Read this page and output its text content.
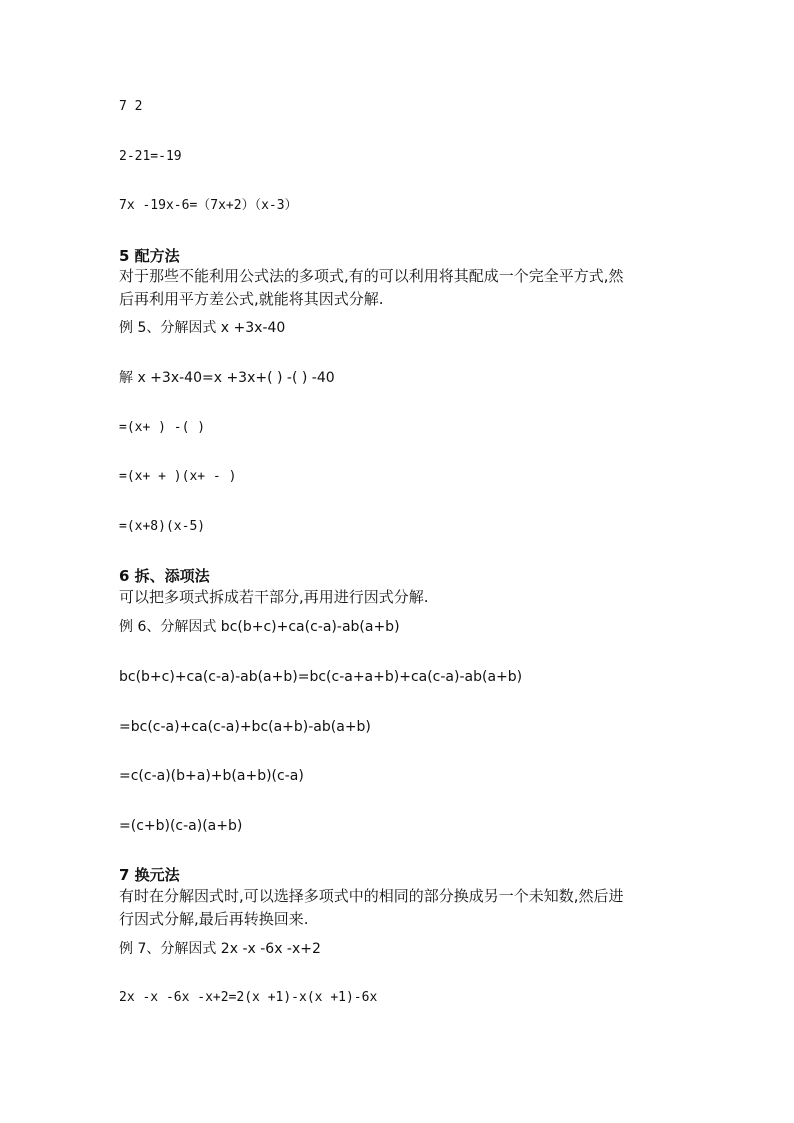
7 2
2-21=-19
7x -19x-6=（7x+2）（x-3）
5 配方法
对于那些不能利用公式法的多项式,有的可以利用将其配成一个完全平方式,然
后再利用平方差公式,就能将其因式分解.
例 5、分解因式 x +3x-40
解 x +3x-40=x +3x+( ) -( ) -40
=(x+ ) -( )
=(x+ + )(x+ - )
=(x+8)(x-5)
6 拆、添项法
可以把多项式拆成若干部分,再用进行因式分解.
例 6、分解因式 bc(b+c)+ca(c-a)-ab(a+b)
bc(b+c)+ca(c-a)-ab(a+b)=bc(c-a+a+b)+ca(c-a)-ab(a+b)
=bc(c-a)+ca(c-a)+bc(a+b)-ab(a+b)
=c(c-a)(b+a)+b(a+b)(c-a)
=(c+b)(c-a)(a+b)
7 换元法
有时在分解因式时,可以选择多项式中的相同的部分换成另一个未知数,然后进
行因式分解,最后再转换回来.
例 7、分解因式 2x -x -6x -x+2
2x -x -6x -x+2=2(x +1)-x(x +1)-6x
